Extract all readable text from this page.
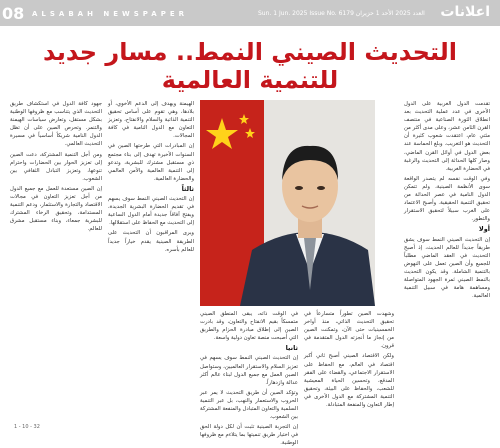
08 ALSABAH NEWSPAPER	Sun. 1 Jun. 2025 Issue No. 6179 العدد 2025 الأحد 1 حزيران اعلانات
التحديث الصيني النمط.. مسار جديد للتنمية العالمية

تقدمت الدول الغربية على الدول الأخرى في عدد عملية التحديث بعد انطلاق الثورة الصناعية في منتصف القرن الثامن عشر، وعلى مدى أكثر من مئتي عام، اعتقدت شعوب كثيرة أن التحديث هو التغريب. وبلغ الحماسة عند بعض الدول في أوائل القرن الماضي، وصار كلها الحداثة إلى التحديث والرغبة في الحضارة الغربية.

وفي الوقت نفسه لم يتصدر الواقعة سوى الأنظمة الصينية، ولم تتمكن الدول النامية في عصر الحداثة من تحقيق التنمية الحقيقية. وأصبح الاعتماد على الغرب سبيلاً لتحقيق الاستقرار والتطور.

أولا

إن التحديث الصيني النمط سوف يشق طريقاً جديداً للعالم الحديث، إذ أصبح التحديث في العقد الماضي مطلباً للجميع وأن الصين تعمل على النهوض بالتنمية الشاملة. وقد يكون التحديث بالنمط الصيني ثمرة الجهود المتواصلة ومساهمة هامة في سبيل التنمية العالمية.

وشهدت الصين تطوراً متسارعاً في تحقيق التحديث الذاتي، منذ أواخر الخمسينيات حتى الآن، وتمكنت الصين من إنجاز ما أنجزته الدول المتقدمة في قرون.

ولكن الاقتصاد الصيني أصبح ثاني أكبر اقتصاد في العالم، مع الحفاظ على الاستقرار الاجتماعي، والقضاء على الفقر المدقع، وتحسين الحياة المعيشية للشعب، والحفاظ على البيئة، وتحقيق التنمية المشتركة مع الدول الأخرى في إطار التعاون والمنفعة المتبادلة.

الهيمنة ويهدف إلى الدعم الأخوي، أو بلادها، وهي تقوم على أساس تحقيق التنمية الذاتية والسلام والانفتاح، وتعزيز التعاون مع الدول النامية في كافة المجالات.

إن المبادرات التي طرحتها الصين في السنوات الأخيرة تهدف إلى بناء مجتمع ذي مستقبل مشترك للبشرية، وتدعو إلى التنمية العالمية والأمن العالمي والحضارة العالمية.

ثالثاً

إن التحديث الصيني النمط سوف يسهم في تقديم الحضارة البشرية الجديدة، ويفتح آفاقاً جديدة أمام الدول الساعية إلى التحديث مع الحفاظ على استقلالها.

ويرى المراقبون أن التحديث على الطريقة الصينية يقدم خياراً جديداً للعالم بأسره.

في الوقت ذاته، يبقى المنطق الصيني متمسكاً بقيم الانفتاح والتعاون، وقد بادرت الصين إلى إطلاق مبادرة الحزام والطريق التي أصبحت منصة تعاون دولية واسعة.

ثانيا

إن التحديث الصيني النمط سوف يسهم في تعزيز السلام والاستقرار العالميين، وستواصل الصين العمل مع جميع الدول لبناء عالم أكثر عدالة وازدهاراً.

وتؤكد الصين أن طريق التحديث لا يمر عبر الحروب والاستعمار والنهب، بل عبر التنمية السلمية والتعاون المتبادل والمنفعة المشتركة بين الشعوب.

إن التجربة الصينية تثبت أن لكل دولة الحق في اختيار طريق تنميتها بما يتلاءم مع ظروفها الوطنية.

جهود كافة الدول في استكشاف طريق التحديث الذي يتناسب مع ظروفها الوطنية بشكل مستقل، وتعارض سياسات الهيمنة والتنمر. وتحرص الصين على أن تظل الدول النامية شريكاً أساسياً في مسيرة التحديث العالمي.

ومن أجل التنمية المشتركة، دعت الصين إلى تعزيز الحوار بين الحضارات واحترام تنوعها، وتعزيز التبادل الثقافي بين الشعوب.

إن الصين مستعدة للعمل مع جميع الدول من أجل تعزيز التعاون في مجالات الاقتصاد والتجارة والاستثمار، ودعم التنمية المستدامة، وتحقيق الرخاء المشترك للبشرية جمعاء، وبناء مستقبل مشرق للعالم.

1 - 10 - 32
